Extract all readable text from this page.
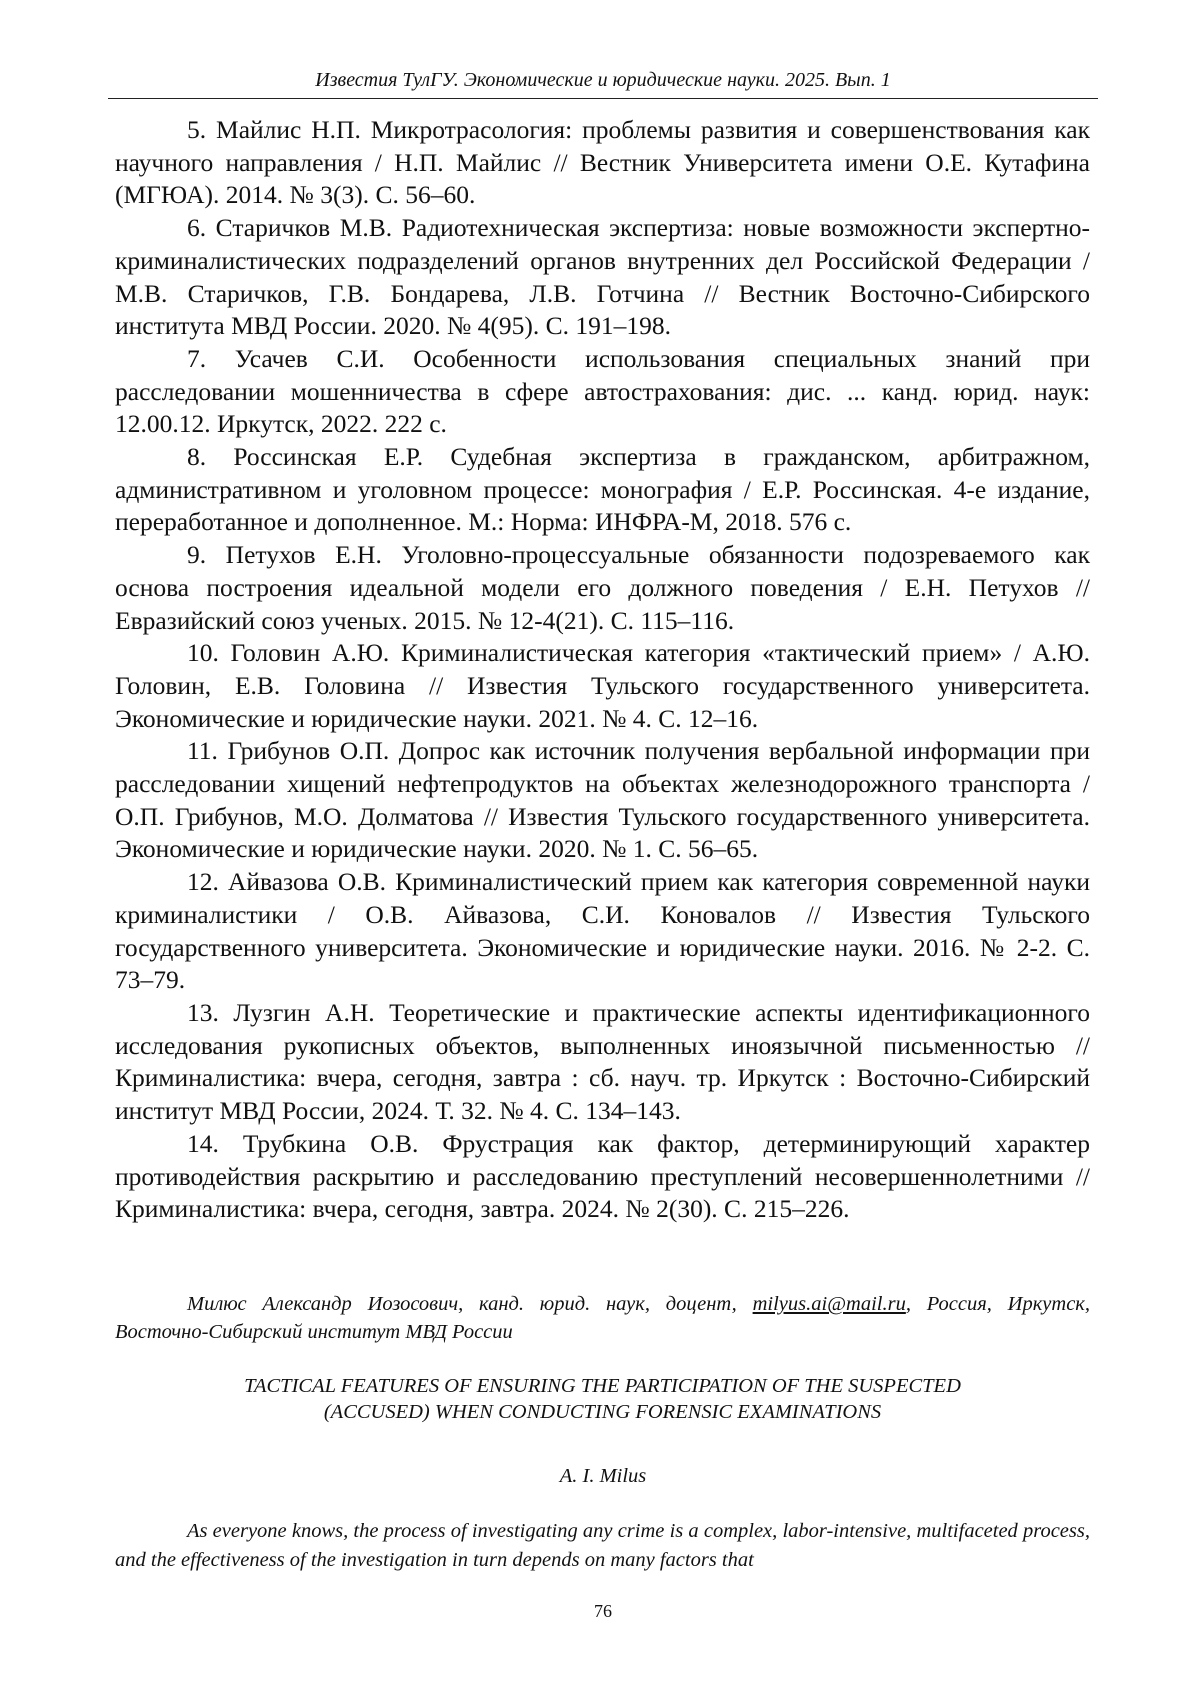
Известия ТулГУ. Экономические и юридические науки. 2025. Вып. 1

5. Майлис Н.П. Микротрасология: проблемы развития и совершенствования как научного направления / Н.П. Майлис // Вестник Университета имени О.Е. Кутафина (МГЮА). 2014. № 3(3). С. 56–60.

6. Старичков М.В. Радиотехническая экспертиза: новые возможности экспертно-криминалистических подразделений органов внутренних дел Российской Федерации / М.В. Старичков, Г.В. Бондарева, Л.В. Готчина // Вестник Восточно-Сибирского института МВД России. 2020. № 4(95). С. 191–198.

7. Усачев С.И. Особенности использования специальных знаний при расследовании мошенничества в сфере автострахования: дис. ... канд. юрид. наук: 12.00.12. Иркутск, 2022. 222 с.

8. Россинская Е.Р. Судебная экспертиза в гражданском, арбитражном, административном и уголовном процессе: монография / Е.Р. Россинская. 4-е издание, переработанное и дополненное. М.: Норма: ИНФРА-М, 2018. 576 с.

9. Петухов Е.Н. Уголовно-процессуальные обязанности подозреваемого как основа построения идеальной модели его должного поведения / Е.Н. Петухов // Евразийский союз ученых. 2015. № 12-4(21). С. 115–116.

10. Головин А.Ю. Криминалистическая категория «тактический прием» / А.Ю. Головин, Е.В. Головина // Известия Тульского государственного университета. Экономические и юридические науки. 2021. № 4. С. 12–16.

11. Грибунов О.П. Допрос как источник получения вербальной информации при расследовании хищений нефтепродуктов на объектах железнодорожного транспорта / О.П. Грибунов, М.О. Долматова // Известия Тульского государственного университета. Экономические и юридические науки. 2020. № 1. С. 56–65.

12. Айвазова О.В. Криминалистический прием как категория современной науки криминалистики / О.В. Айвазова, С.И. Коновалов // Известия Тульского государственного университета. Экономические и юридические науки. 2016. № 2-2. С. 73–79.

13. Лузгин А.Н. Теоретические и практические аспекты идентификационного исследования рукописных объектов, выполненных иноязычной письменностью // Криминалистика: вчера, сегодня, завтра : сб. науч. тр. Иркутск : Восточно-Сибирский институт МВД России, 2024. Т. 32. № 4. С. 134–143.

14. Трубкина О.В. Фрустрация как фактор, детерминирующий характер противодействия раскрытию и расследованию преступлений несовершеннолетними // Криминалистика: вчера, сегодня, завтра. 2024. № 2(30). С. 215–226.

Милюс Александр Иозосович, канд. юрид. наук, доцент, milyus.ai@mail.ru, Россия, Иркутск, Восточно-Сибирский институт МВД России

TACTICAL FEATURES OF ENSURING THE PARTICIPATION OF THE SUSPECTED
(ACCUSED) WHEN CONDUCTING FORENSIC EXAMINATIONS
A. I. Milus

As everyone knows, the process of investigating any crime is a complex, labor-intensive, multifaceted process, and the effectiveness of the investigation in turn depends on many factors that

76
